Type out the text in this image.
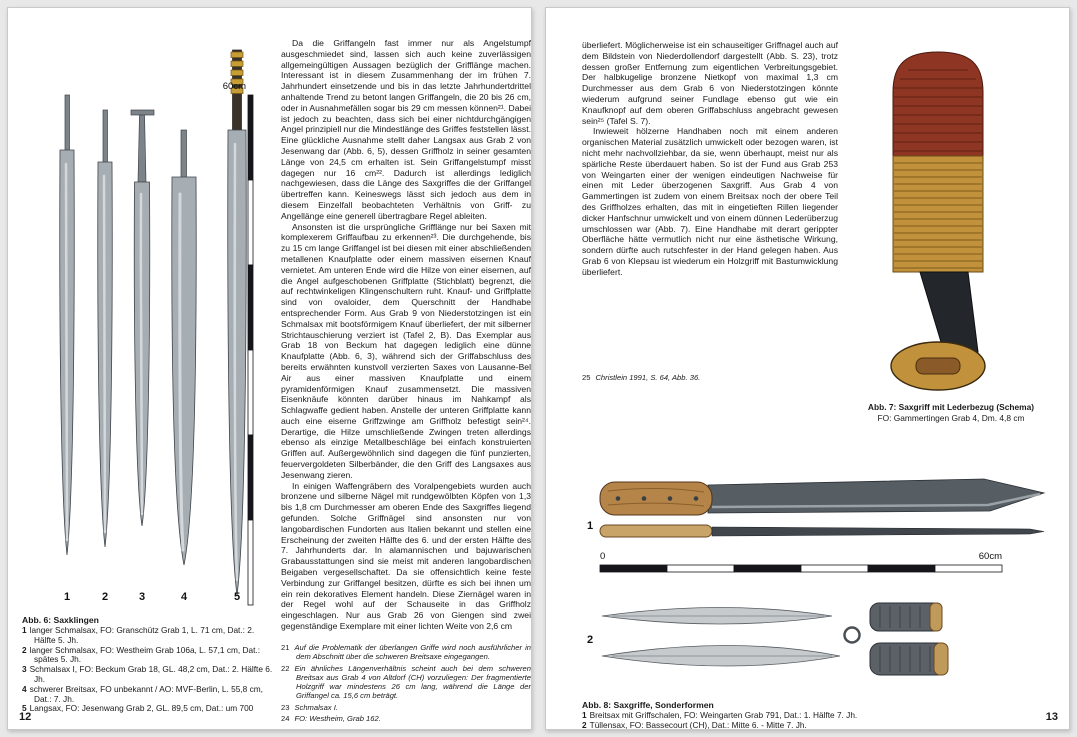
60cm
1	2	3	4	5

Abb. 6: Saxklingen

1 langer Schmalsax, FO: Granschütz Grab 1, L. 71 cm, Dat.: 2. Hälfte 5. Jh.

2 langer Schmalsax, FO: Westheim Grab 106a, L. 57,1 cm, Dat.: spätes 5. Jh.

3 Schmalsax I, FO: Beckum Grab 18, GL. 48,2 cm, Dat.: 2. Hälfte 6. Jh.

4 schwerer Breitsax, FO unbekannt / AO: MVF-Berlin, L. 55,8 cm, Dat.: 7. Jh.

5 Langsax, FO: Jesenwang Grab 2, GL. 89,5 cm, Dat.: um 700

Da die Griffangeln fast immer nur als Angelstumpf ausgeschmiedet sind, lassen sich auch keine zuverlässigen allgemeingültigen Aussagen bezüglich der Grifflänge machen. Interessant ist in diesem Zusammenhang der im frühen 7. Jahrhundert einsetzende und bis in das letzte Jahrhundertdrittel anhaltende Trend zu betont langen Griffangeln, die 20 bis 26 cm, oder in Ausnahmefällen sogar bis 29 cm messen können²¹. Dabei ist jedoch zu beachten, dass sich bei einer nichtdurchgängigen Angel prinzipiell nur die Mindestlänge des Griffes feststellen lässt. Eine glückliche Ausnahme stellt daher Langsax aus Grab 2 von Jesenwang dar (Abb. 6, 5), dessen Griffholz in seiner gesamten Länge von 24,5 cm erhalten ist. Sein Griffangelstumpf misst dagegen nur 16 cm²². Dadurch ist allerdings lediglich nachgewiesen, dass die Länge des Saxgriffes die der Griffangel übertreffen kann. Keineswegs lässt sich jedoch aus dem in diesem Einzelfall beobachteten Verhältnis von Griff- zu Angellänge eine generell übertragbare Regel ableiten.

Ansonsten ist die ursprüngliche Grifflänge nur bei Saxen mit komplexerem Griffaufbau zu erkennen²³. Die durchgehende, bis zu 15 cm lange Griffangel ist bei diesen mit einer abschließenden metallenen Knaufplatte oder einem massiven eisernen Knauf vernietet. Am unteren Ende wird die Hilze von einer eisernen, auf die Angel aufgeschobenen Griffplatte (Stichblatt) begrenzt, die auf rechtwinkeligen Klingenschultern ruht. Knauf- und Griffplatte sind von ovaloider, dem Querschnitt der Handhabe entsprechender Form. Aus Grab 9 von Niederstotzingen ist ein Schmalsax mit bootsförmigem Knauf überliefert, der mit silberner Strichtauschierung verziert ist (Tafel 2, B). Das Exemplar aus Grab 18 von Beckum hat dagegen lediglich eine dünne Knaufplatte (Abb. 6, 3), während sich der Griffabschluss des bereits erwähnten kunstvoll verzierten Saxes von Lausanne-Bel Air aus einer massiven Knaufplatte und einem pyramidenförmigen Knauf zusammensetzt. Die massiven Eisenknäufe könnten darüber hinaus im Nahkampf als Schlagwaffe gedient haben. Anstelle der unteren Griffplatte kann auch eine eiserne Griffzwinge am Griffholz befestigt sein²⁴. Derartige, die Hilze umschließende Zwingen treten allerdings ebenso als einzige Metallbeschläge bei einfach konstruierten Griffen auf. Außergewöhnlich sind dagegen die fünf punzierten, feuervergoldeten Silberbänder, die den Griff des Langsaxes aus Jesenwang zieren.

In einigen Waffengräbern des Voralpengebiets wurden auch bronzene und silberne Nägel mit rundgewölbten Köpfen von 1,3 bis 1,8 cm Durchmesser am oberen Ende des Saxgriffes liegend gefunden. Solche Griffnägel sind ansonsten nur von langobardischen Fundorten aus Italien bekannt und stellen eine Erscheinung der zweiten Hälfte des 6. und der ersten Hälfte des 7. Jahrhunderts dar. In alamannischen und bajuwarischen Grabausstattungen sind sie meist mit anderen langobardischen Beigaben vergesellschaftet. Da sie offensichtlich keine feste Verbindung zur Griffangel besitzen, dürfte es sich bei ihnen um ein rein dekoratives Element handeln. Diese Ziernägel waren in der Regel wohl auf der Schauseite in das Griffholz eingeschlagen. Nur aus Grab 26 von Giengen sind zwei gegenständige Exemplare mit einer lichten Weite von 2,6 cm

21 Auf die Problematik der überlangen Griffe wird noch ausführlicher in dem Abschnitt über die schweren Breitsaxe eingegangen.

22 Ein ähnliches Längenverhältnis scheint auch bei dem schweren Breitsax aus Grab 4 von Altdorf (CH) vorzuliegen: Der fragmentierte Holzgriff war mindestens 26 cm lang, während die Länge der Griffangel ca. 15,6 cm beträgt.

23 Schmalsax I.

24 FO: Westheim, Grab 162.

12

überliefert. Möglicherweise ist ein schauseitiger Griffnagel auch auf dem Bildstein von Niederdollendorf dargestellt (Abb. S. 23), trotz dessen großer Entfernung zum eigentlichen Verbreitungsgebiet. Der halbkugelige bronzene Nietkopf von maximal 1,3 cm Durchmesser aus dem Grab 6 von Niederstotzingen könnte wiederum aufgrund seiner Fundlage ebenso gut wie ein Knaufknopf auf dem oberen Griffabschluss angebracht gewesen sein²⁵ (Tafel S. 7).

Inwieweit hölzerne Handhaben noch mit einem anderen organischen Material zusätzlich umwickelt oder bezogen waren, ist nicht mehr nachvollziehbar, da sie, wenn überhaupt, meist nur als spärliche Reste überdauert haben. So ist der Fund aus Grab 253 von Weingarten einer der wenigen eindeutigen Nachweise für einen mit Leder überzogenen Saxgriff. Aus Grab 4 von Gammertingen ist zudem von einem Breitsax noch der obere Teil des Griffholzes erhalten, das mit in eingetieften Rillen liegender dicker Hanfschnur umwickelt und von einem dünnen Lederüberzug umschlossen war (Abb. 7). Eine Handhabe mit derart gerippter Oberfläche hätte vermutlich nicht nur eine ästhetische Wirkung, sondern dürfte auch rutschfester in der Hand gelegen haben. Aus Grab 6 von Klepsau ist wiederum ein Holzgriff mit Bastumwicklung überliefert.

25 Christlein 1991, S. 64, Abb. 36.

Abb. 7: Saxgriff mit Lederbezug (Schema)

FO: Gammertingen Grab 4, Dm. 4,8 cm

1
0	60cm
2

Abb. 8: Saxgriffe, Sonderformen

1 Breitsax mit Griffschalen, FO: Weingarten Grab 791, Dat.: 1. Hälfte 7. Jh.

2 Tüllensax, FO: Bassecourt (CH), Dat.: Mitte 6. - Mitte 7. Jh.

13
